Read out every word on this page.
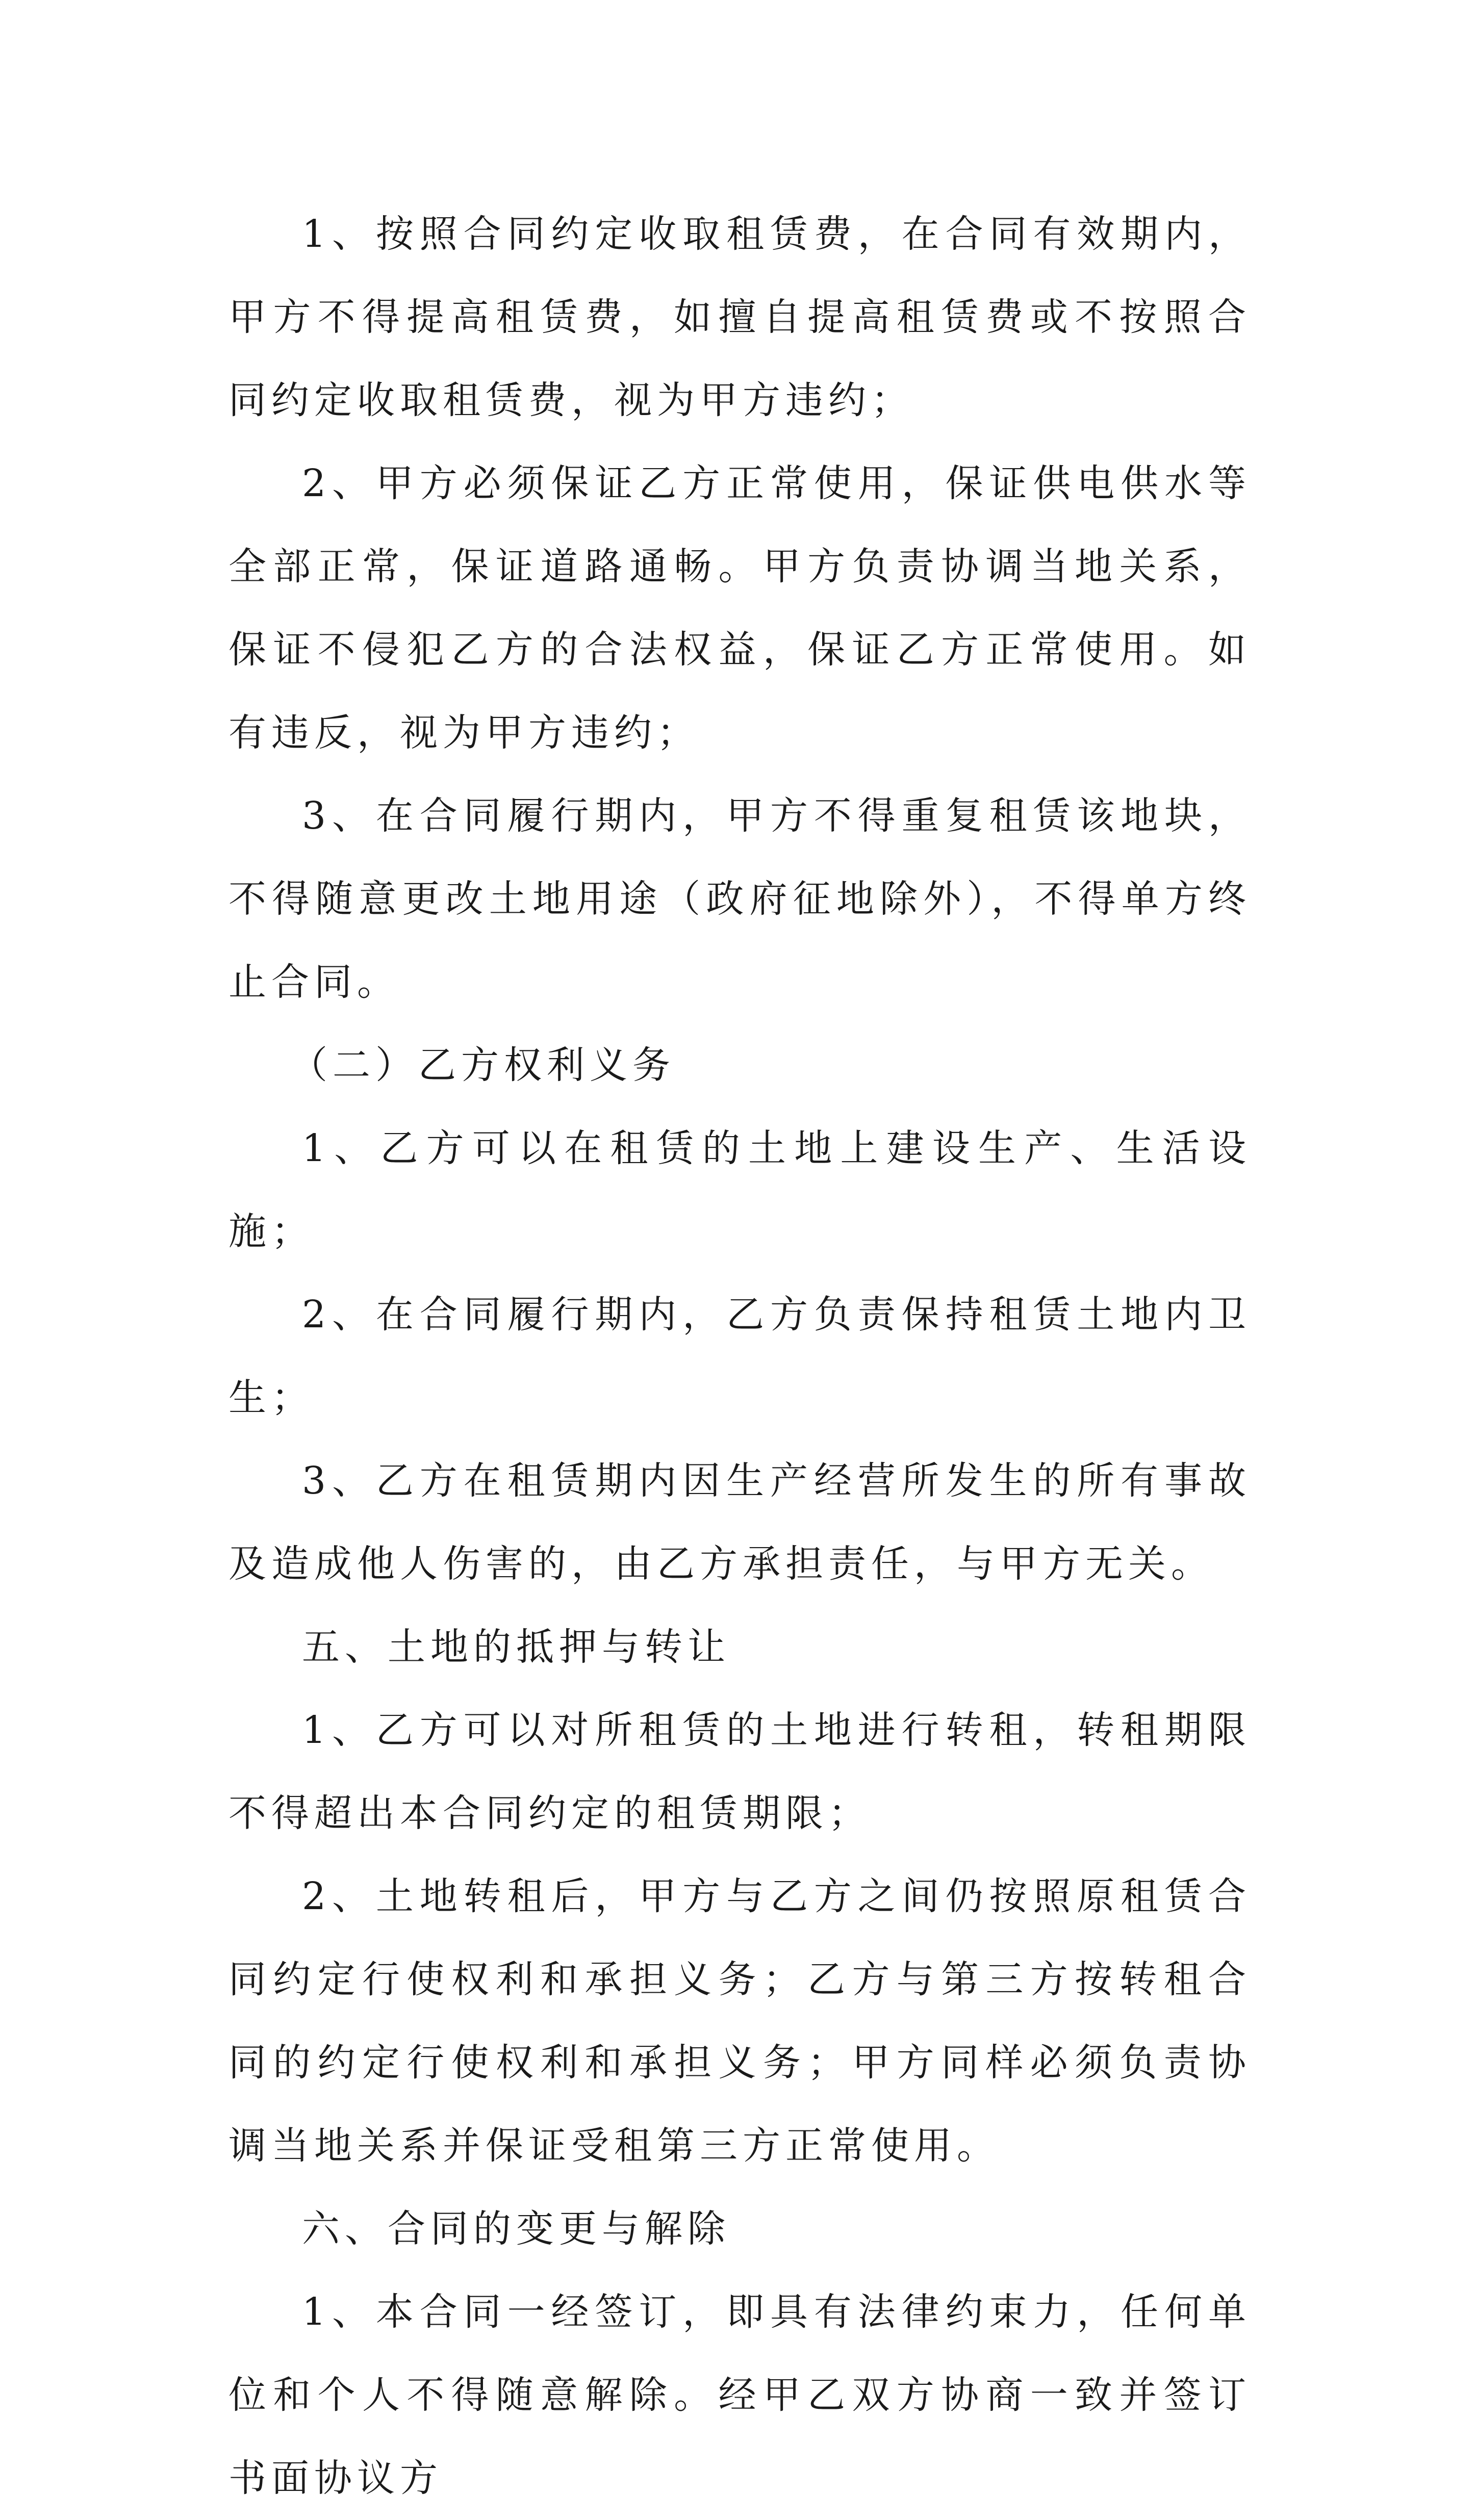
1、按照合同约定收取租赁费，在合同有效期内，甲方不得提高租赁费，如擅自提高租赁费或不按照合同约定收取租赁费，视为甲方违约；

2、甲方必须保证乙方正常使用，保证供电供水等全部正常，保证道路通畅。甲方负责协调当地关系，保证不侵犯乙方的合法权益，保证乙方正常使用。如有违反，视为甲方违约；

3、在合同履行期内，甲方不得重复租赁该地块，不得随意更改土地用途（政府征地除外），不得单方终止合同。

（二）乙方权利义务

1、乙方可以在租赁的土地上建设生产、生活设施；

2、在合同履行期内，乙方负责保持租赁土地内卫生；

3、乙方在租赁期内因生产经营所发生的所有事故及造成他人伤害的，由乙方承担责任，与甲方无关。

五、土地的抵押与转让

1、乙方可以对所租赁的土地进行转租，转租期限不得超出本合同约定的租赁期限；

2、土地转租后，甲方与乙方之间仍按照原租赁合同约定行使权利和承担义务；乙方与第三方按转租合同的约定行使权利和承担义务；甲方同样必须负责协调当地关系并保证受租第三方正常使用。

六、合同的变更与解除

1、本合同一经签订，即具有法律约束力，任何单位和个人不得随意解除。经甲乙双方协商一致并签订书面协议方
